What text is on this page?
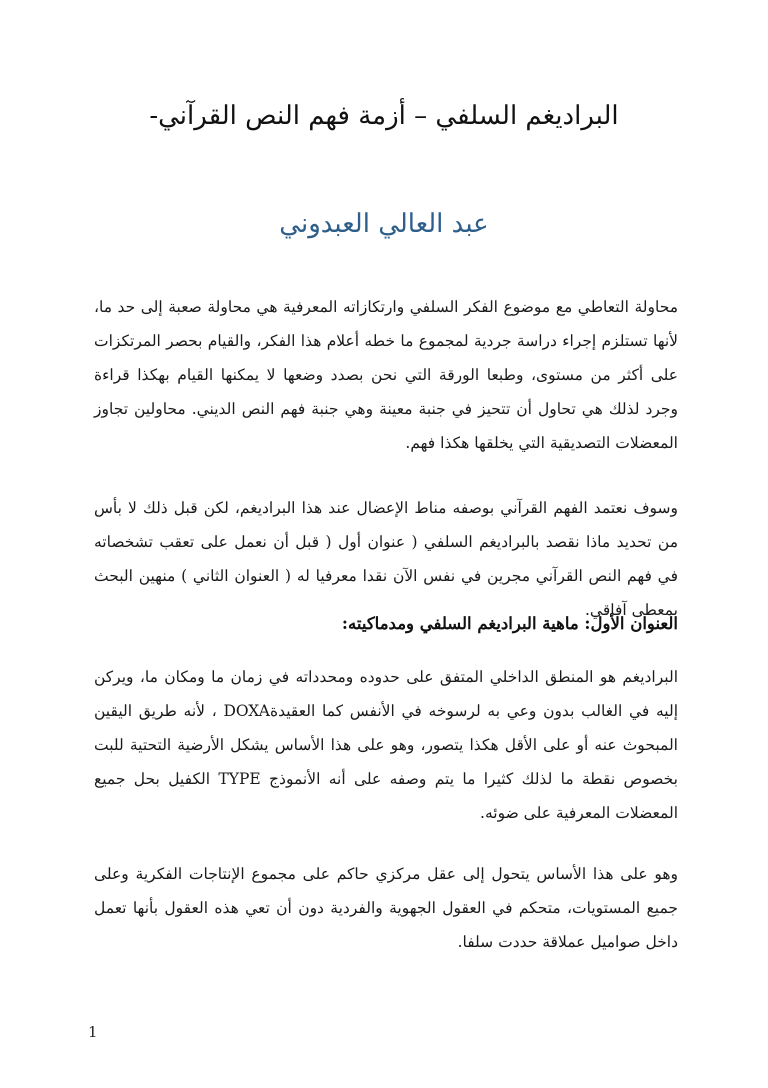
البراديغم السلفي – أزمة فهم النص القرآني-
عبد العالي العبدوني
محاولة التعاطي مع موضوع الفكر السلفي وارتكازاته المعرفية هي محاولة صعبة إلى حد ما، لأنها تستلزم إجراء دراسة جردية لمجموع ما خطه أعلام هذا الفكر، والقيام بحصر المرتكزات على أكثر من مستوى، وطبعا الورقة التي نحن بصدد وضعها لا يمكنها القيام بهكذا قراءة وجرد لذلك هي تحاول أن تتحيز في جنبة معينة وهي جنبة فهم النص الديني. محاولين تجاوز المعضلات التصديقية التي يخلقها هكذا فهم.
وسوف نعتمد الفهم القرآني بوصفه مناط الإعضال عند هذا البراديغم، لكن قبل ذلك لا بأس من تحديد ماذا نقصد بالبراديغم السلفي ( عنوان أول ( قبل أن نعمل على تعقب تشخصاته في فهم النص القرآني مجرين في نفس الآن نقدا معرفيا له ( العنوان الثاني ) منهين البحث بمعطى آفاقي.
العنوان الأول: ماهية البراديغم السلفي ومدماكيته:
البراديغم هو المنطق الداخلي المتفق على حدوده ومحدداته في زمان ما ومكان ما، ويركن إليه في الغالب بدون وعي به لرسوخه في الأنفس كما العقيدةDOXA ، لأنه طريق اليقين المبحوث عنه أو على الأقل هكذا يتصور، وهو على هذا الأساس يشكل الأرضية التحتية للبت بخصوص نقطة ما لذلك كثيرا ما يتم وصفه على أنه الأنموذج TYPE الكفيل بحل جميع المعضلات المعرفية على ضوئه.
وهو على هذا الأساس يتحول إلى عقل مركزي حاكم على مجموع الإنتاجات الفكرية وعلى جميع المستويات، متحكم في العقول الجهوية والفردية دون أن تعي هذه العقول بأنها تعمل داخل صواميل عملاقة حددت سلفا.
1
